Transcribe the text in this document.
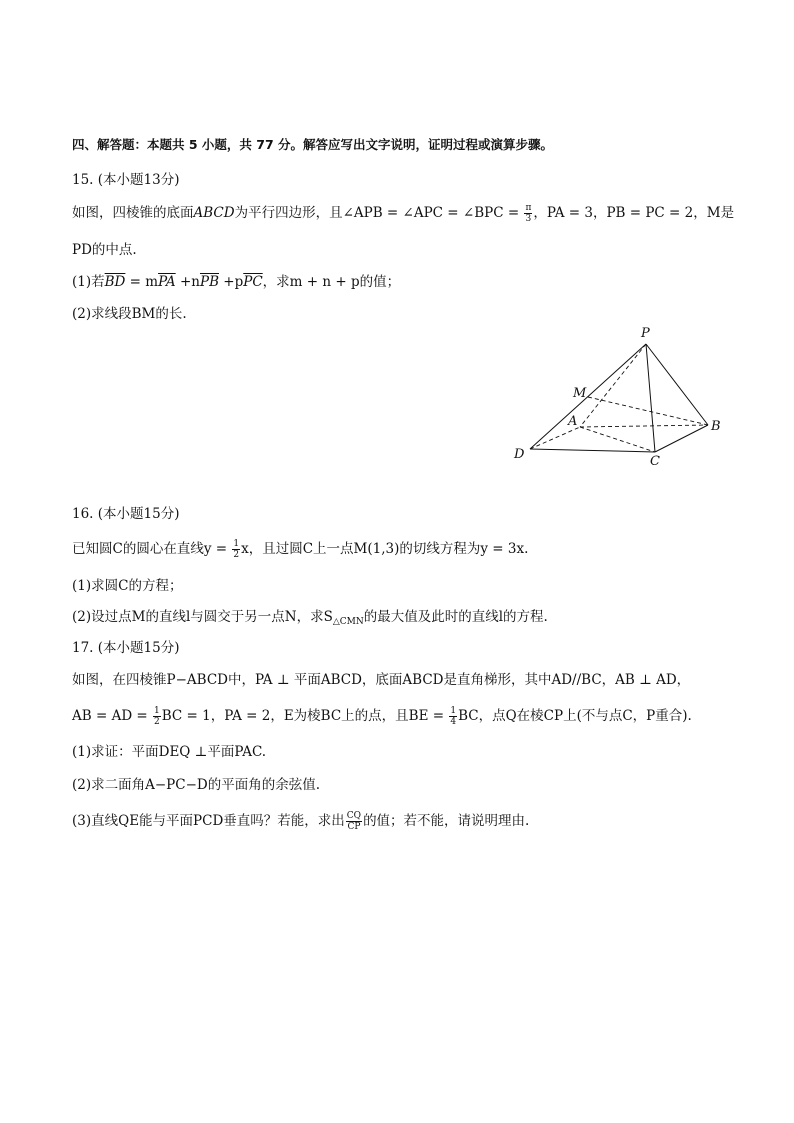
四、解答题：本题共 5 小题，共 77 分。解答应写出文字说明，证明过程或演算步骤。
15. (本小题13分)
如图，四棱锥的底面ABCD为平行四边形，且∠APB = ∠APC = ∠BPC = $\frac{\pi}{3}$ ，PA = 3，PB = PC = 2，M是
PD的中点.
(1)若$\overline{BD} = m\overline{PA} +n\overline{PB} +p\overline{PC}$，求m + n + p的值；
(2)求线段BM的长.
P
M
A	B
C
D
16. (本小题15分)
已知圆C的圆心在直线$y = \frac{1}{2}$ x，且过圆C上一点M(1,3)的切线方程为y = 3x.
(1)求圆C的方程；
(2)设过点M的直线l与圆交于另一点N，求$S_{\triangle CMN}$的最大值及此时的直线l的方程.
17. (本小题15分)
如图，在四棱锥P−ABCD中，PA ⊥ 平面ABCD，底面ABCD是直角梯形，其中AD//BC，AB ⊥ AD，
AB = AD = $\frac{1}{2}$ BC = 1，PA = 2，E为棱BC上的点，且BE = $\frac{1}{4}$ BC，点Q在棱CP上(不与点C，P重合).
(1)求证：平面DEQ ⊥平面PAC.
(2)求二面角A−PC−D的平面角的余弦值.
(3)直线QE能与平面PCD垂直吗？若能，求出 $\frac{CQ}{CP}$ 的值；若不能，请说明理由.
